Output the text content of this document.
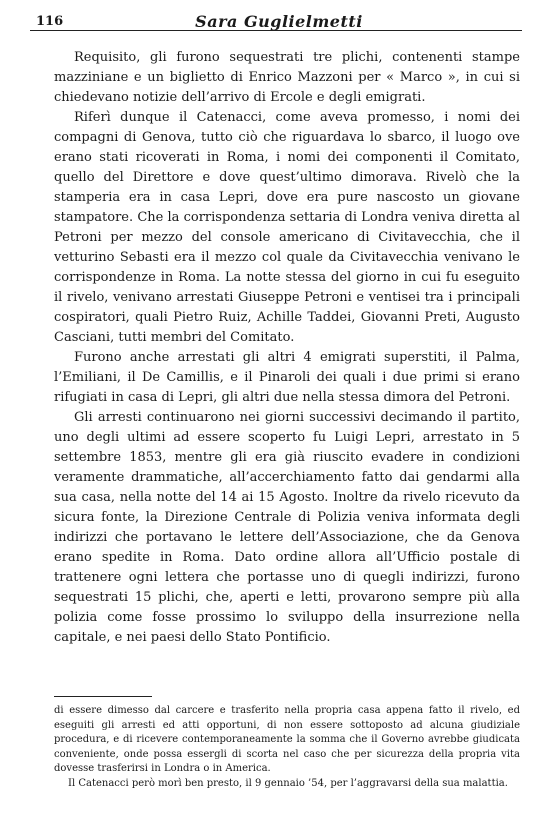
116	Sara Guglielmetti

Requisito, gli furono sequestrati tre plichi, contenenti stampe mazziniane e un biglietto di Enrico Mazzoni per « Marco », in cui si chiedevano notizie dell’arrivo di Ercole e degli emigrati.

Riferì dunque il Catenacci, come aveva promesso, i nomi dei compagni di Genova, tutto ciò che riguardava lo sbarco, il luogo ove erano stati ricoverati in Roma, i nomi dei componenti il Comitato, quello del Direttore e dove quest’ultimo dimorava. Rivelò che la stamperia era in casa Lepri, dove era pure nascosto un giovane stampatore. Che la corrispondenza settaria di Londra veniva diretta al Petroni per mezzo del console americano di Civitavecchia, che il vetturino Sebasti era il mezzo col quale da Civitavecchia venivano le corrispondenze in Roma. La notte stessa del giorno in cui fu eseguito il rivelo, venivano arrestati Giuseppe Petroni e ventisei tra i principali cospiratori, quali Pietro Ruiz, Achille Taddei, Giovanni Preti, Augusto Casciani, tutti membri del Comitato.

Furono anche arrestati gli altri 4 emigrati superstiti, il Palma, l’Emiliani, il De Camillis, e il Pinaroli dei quali i due primi si erano rifugiati in casa di Lepri, gli altri due nella stessa dimora del Petroni.

Gli arresti continuarono nei giorni successivi decimando il partito, uno degli ultimi ad essere scoperto fu Luigi Lepri, arrestato in 5 settembre 1853, mentre gli era già riuscito evadere in condizioni veramente drammatiche, all’accerchiamento fatto dai gendarmi alla sua casa, nella notte del 14 ai 15 Agosto. Inoltre da rivelo ricevuto da sicura fonte, la Direzione Centrale di Polizia veniva informata degli indirizzi che portavano le lettere dell’Associazione, che da Genova erano spedite in Roma. Dato ordine allora all’Ufficio postale di trattenere ogni lettera che portasse uno di quegli indirizzi, furono sequestrati 15 plichi, che, aperti e letti, provarono sempre più alla polizia come fosse prossimo lo sviluppo della insurrezione nella capitale, e nei paesi dello Stato Pontificio.

di essere dimesso dal carcere e trasferito nella propria casa appena fatto il rivelo, ed eseguiti gli arresti ed atti opportuni, di non essere sottoposto ad alcuna giudiziale procedura, e di ricevere contemporaneamente la somma che il Governo avrebbe giudicata conveniente, onde possa essergli di scorta nel caso che per sicurezza della propria vita dovesse trasferirsi in Londra o in America.

Il Catenacci però morì ben presto, il 9 gennaio ’54, per l’aggravarsi della sua malattia.
